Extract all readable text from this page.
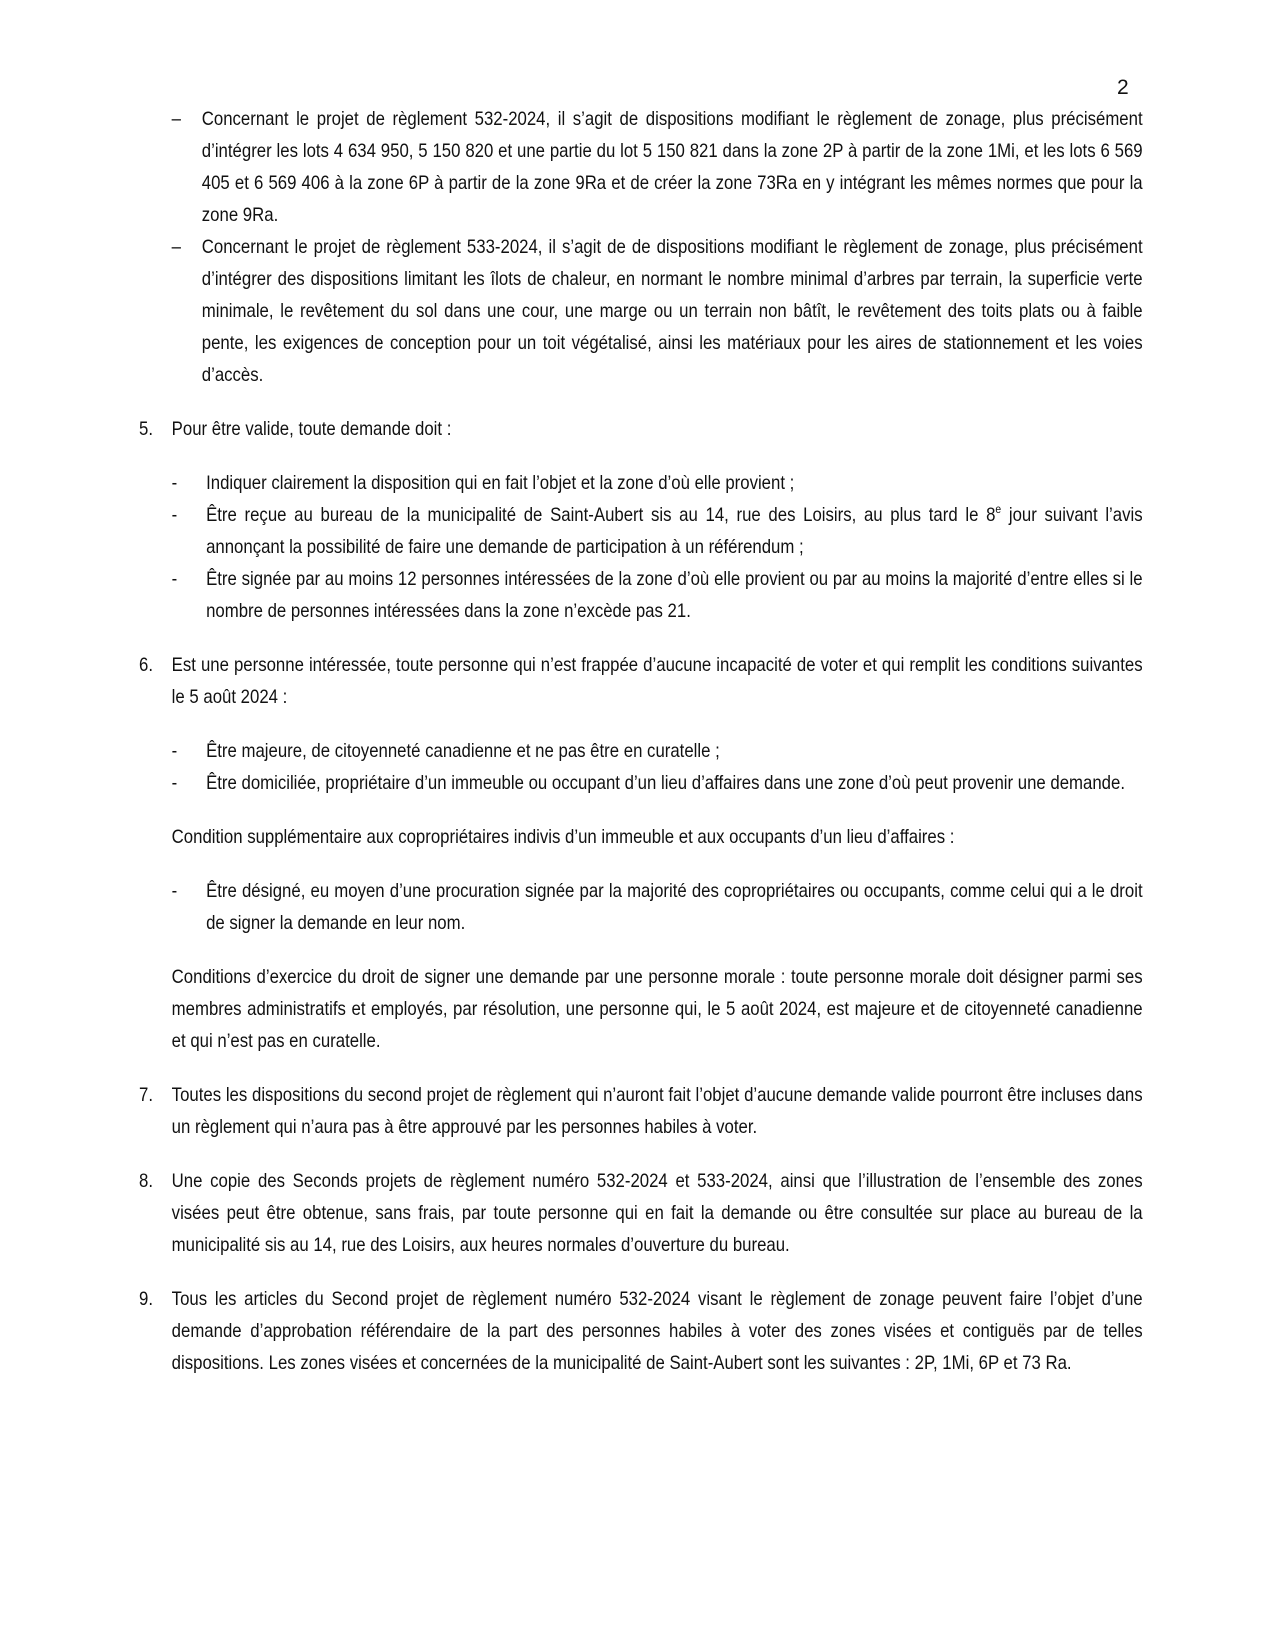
2
– Concernant le projet de règlement 532-2024, il s’agit de dispositions modifiant le règlement de zonage, plus précisément d’intégrer les lots 4 634 950, 5 150 820 et une partie du lot 5 150 821 dans la zone 2P à partir de la zone 1Mi, et les lots 6 569 405 et 6 569 406 à la zone 6P à partir de la zone 9Ra et de créer la zone 73Ra en y intégrant les mêmes normes que pour la zone 9Ra.
– Concernant le projet de règlement 533-2024, il s’agit de de dispositions modifiant le règlement de zonage, plus précisément d’intégrer des dispositions limitant les îlots de chaleur, en normant le nombre minimal d’arbres par terrain, la superficie verte minimale, le revêtement du sol dans une cour, une marge ou un terrain non bâtît, le revêtement des toits plats ou à faible pente, les exigences de conception pour un toit végétalisé, ainsi les matériaux pour les aires de stationnement et les voies d’accès.
5. Pour être valide, toute demande doit :
- Indiquer clairement la disposition qui en fait l’objet et la zone d’où elle provient ;
- Être reçue au bureau de la municipalité de Saint-Aubert sis au 14, rue des Loisirs, au plus tard le 8e jour suivant l’avis annonçant la possibilité de faire une demande de participation à un référendum ;
- Être signée par au moins 12 personnes intéressées de la zone d’où elle provient ou par au moins la majorité d’entre elles si le nombre de personnes intéressées dans la zone n’excède pas 21.
6. Est une personne intéressée, toute personne qui n’est frappée d’aucune incapacité de voter et qui remplit les conditions suivantes le 5 août 2024 :
- Être majeure, de citoyenneté canadienne et ne pas être en curatelle ;
- Être domiciliée, propriétaire d’un immeuble ou occupant d’un lieu d’affaires dans une zone d’où peut provenir une demande.
Condition supplémentaire aux copropriétaires indivis d’un immeuble et aux occupants d’un lieu d’affaires :
- Être désigné, eu moyen d’une procuration signée par la majorité des copropriétaires ou occupants, comme celui qui a le droit de signer la demande en leur nom.
Conditions d’exercice du droit de signer une demande par une personne morale : toute personne morale doit désigner parmi ses membres administratifs et employés, par résolution, une personne qui, le 5 août 2024, est majeure et de citoyenneté canadienne et qui n’est pas en curatelle.
7. Toutes les dispositions du second projet de règlement qui n’auront fait l’objet d’aucune demande valide pourront être incluses dans un règlement qui n’aura pas à être approuvé par les personnes habiles à voter.
8. Une copie des Seconds projets de règlement numéro 532-2024 et 533-2024, ainsi que l’illustration de l’ensemble des zones visées peut être obtenue, sans frais, par toute personne qui en fait la demande ou être consultée sur place au bureau de la municipalité sis au 14, rue des Loisirs, aux heures normales d’ouverture du bureau.
9. Tous les articles du Second projet de règlement numéro 532-2024 visant le règlement de zonage peuvent faire l’objet d’une demande d’approbation référendaire de la part des personnes habiles à voter des zones visées et contiguës par de telles dispositions. Les zones visées et concernées de la municipalité de Saint-Aubert sont les suivantes : 2P, 1Mi, 6P et 73 Ra.
